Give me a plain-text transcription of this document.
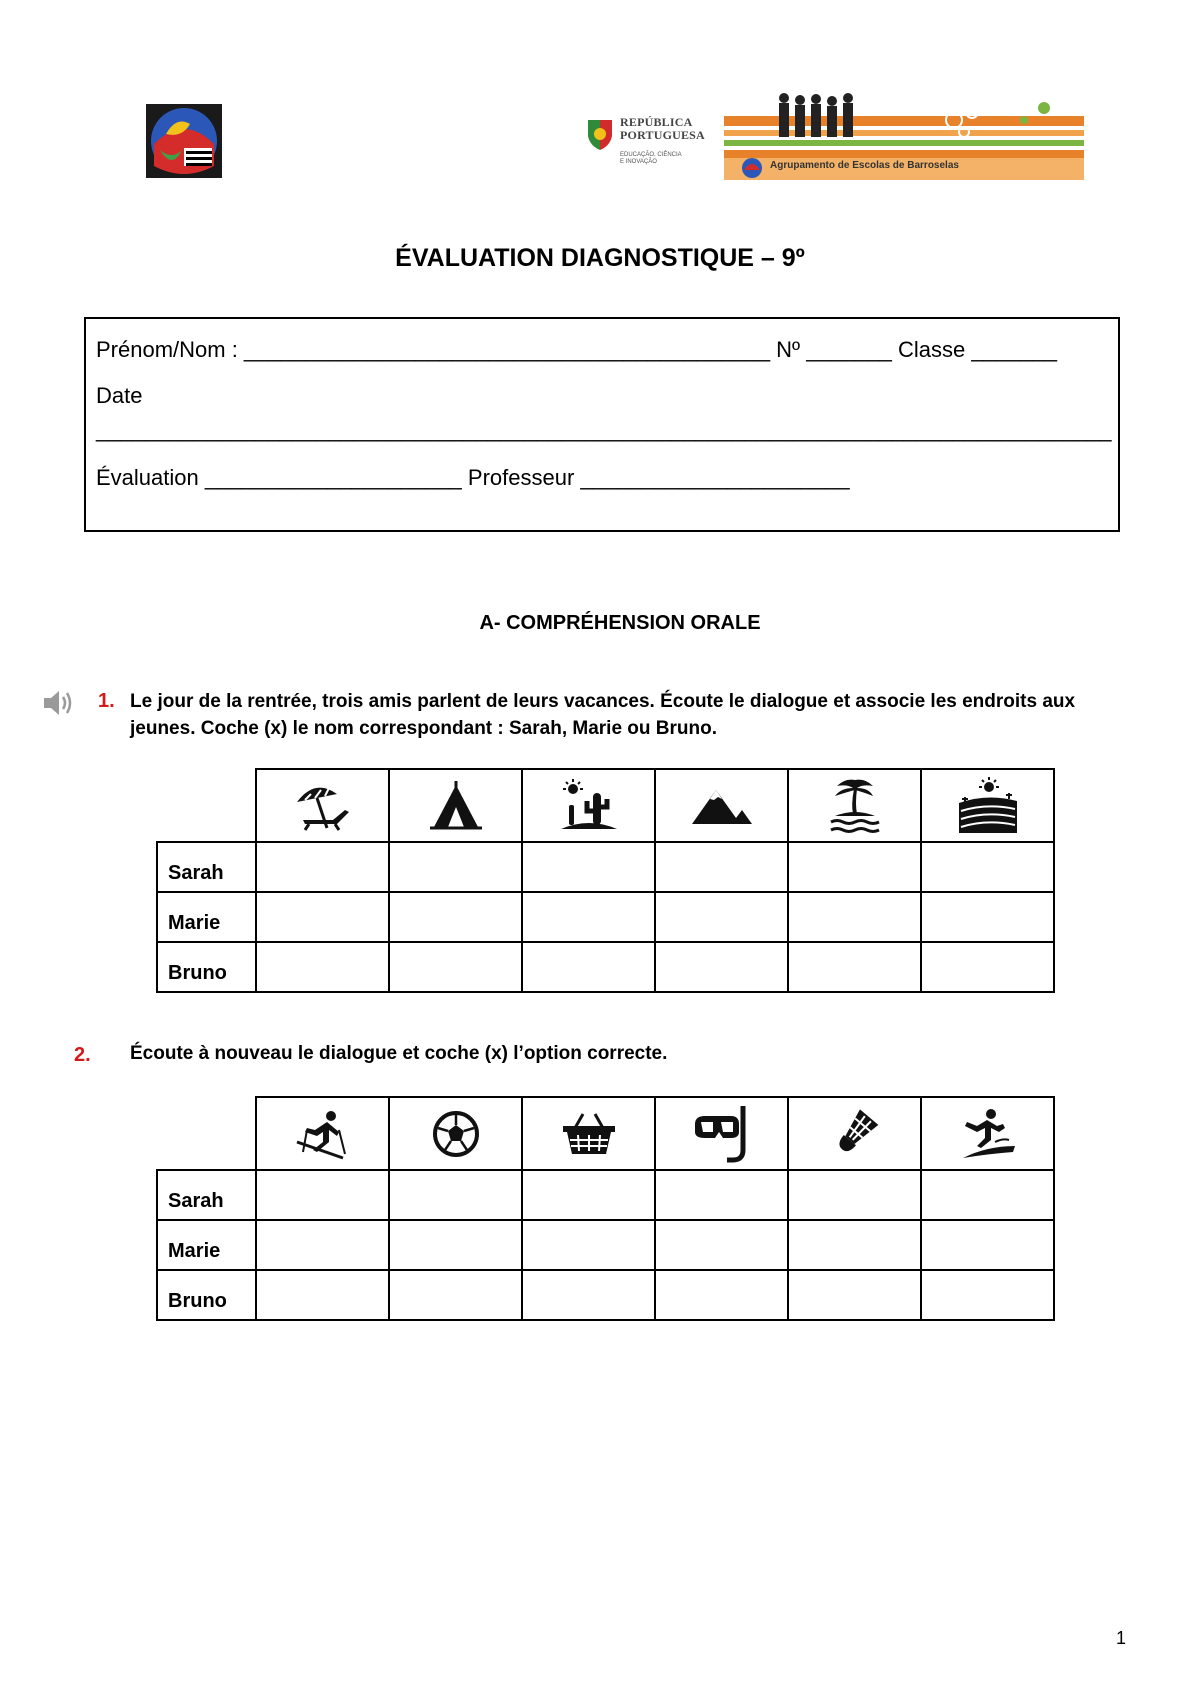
REPÚBLICA
PORTUGUESA
EDUCAÇÃO, CIÊNCIA
E INOVAÇÃO	Agrupamento de Escolas de Barroselas
ÉVALUATION DIAGNOSTIQUE – 9º
Prénom/Nom : ___________________________________________ Nº _______ Classe _______
Date
___________________________________________________________________________________
Évaluation _____________________ Professeur ______________________
A- COMPRÉHENSION ORALE
1. Le jour de la rentrée, trois amis parlent de leurs vacances. Écoute le dialogue et associe les endroits aux
jeunes. Coche (x) le nom correspondant : Sarah, Marie ou Bruno.

Sarah						
Marie						
Bruno						
2. Écoute à nouveau le dialogue et coche (x) l’option correcte.

Sarah						
Marie						
Bruno						
1
